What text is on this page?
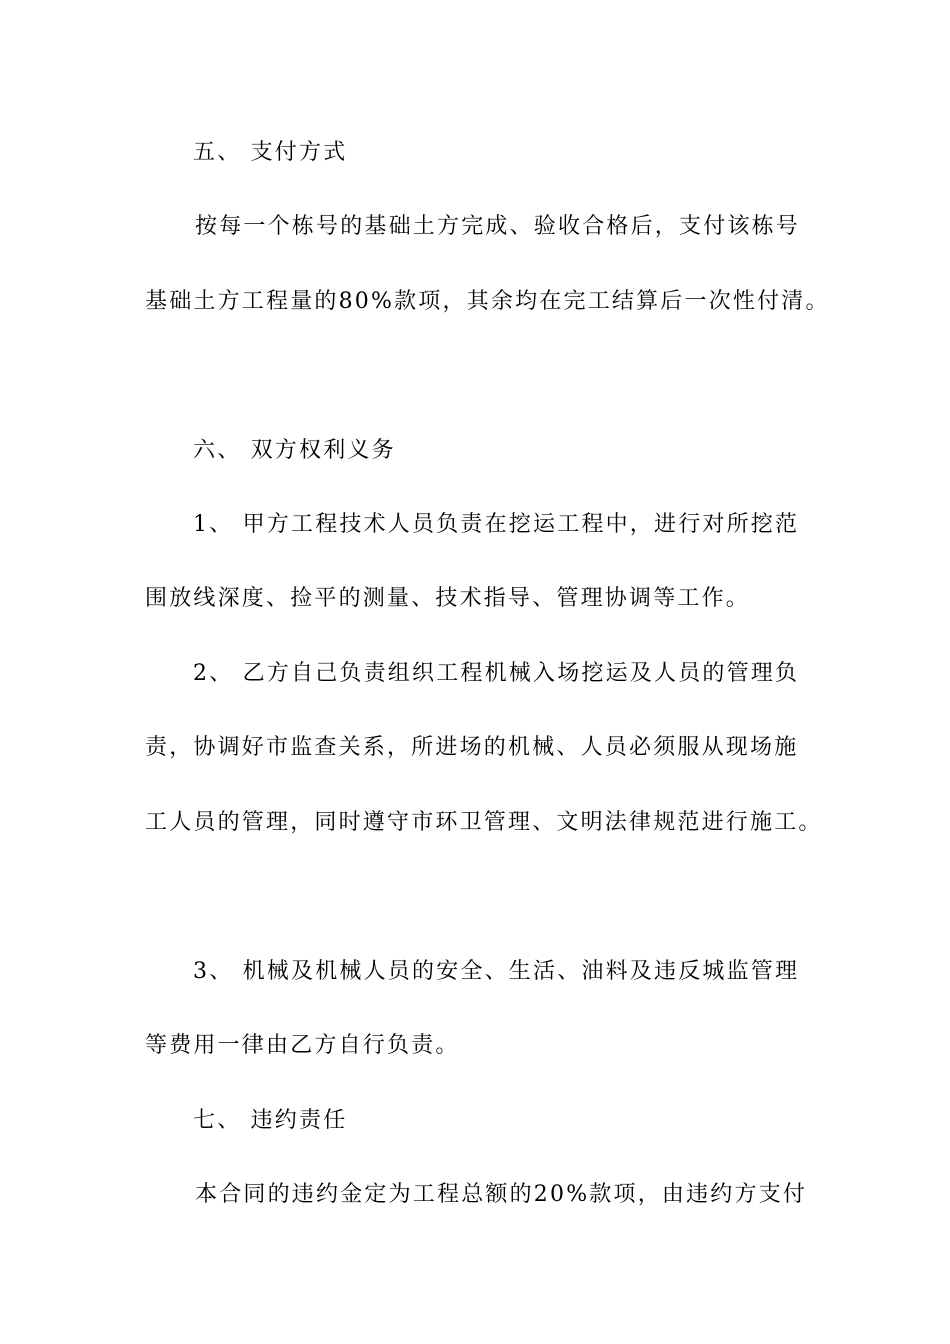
五、 支付方式
按每一个栋号的基础土方完成、验收合格后，支付该栋号
基础土方工程量的80%款项，其余均在完工结算后一次性付清。
六、 双方权利义务
1、 甲方工程技术人员负责在挖运工程中，进行对所挖范
围放线深度、捡平的测量、技术指导、管理协调等工作。
2、 乙方自己负责组织工程机械入场挖运及人员的管理负
责，协调好市监查关系，所进场的机械、人员必须服从现场施
工人员的管理，同时遵守市环卫管理、文明法律规范进行施工。
3、 机械及机械人员的安全、生活、油料及违反城监管理
等费用一律由乙方自行负责。
七、 违约责任
本合同的违约金定为工程总额的20%款项，由违约方支付
